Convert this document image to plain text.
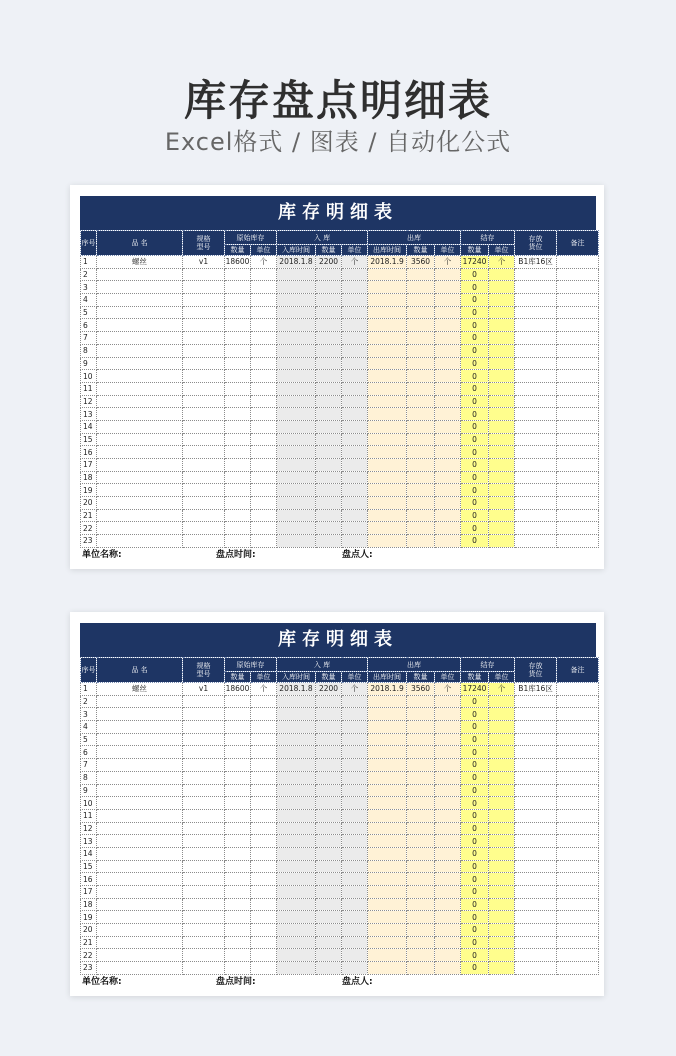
库存盘点明细表
Excel格式 / 图表 / 自动化公式
库存明细表
序号	品 名	规格
型号	原始库存		入 库			出库			结存		存放
货位	备注
			数量	单位	入库时间	数量	单位	出库时间	数量	单位	数量	单位		
1	螺丝	v1	18600	个	2018.1.8	2200	个	2018.1.9	3560	个	17240	个	B1库16区	
2											0			
3											0			
4											0			
5											0			
6											0			
7											0			
8											0			
9											0			
10											0			
11											0			
12											0			
13											0			
14											0			
15											0			
16											0			
17											0			
18											0			
19											0			
20											0			
21											0			
22											0			
23											0			
单位名称:	盘点时间:	盘点人:
库存明细表
序号	品 名	规格
型号	原始库存		入 库			出库			结存		存放
货位	备注
			数量	单位	入库时间	数量	单位	出库时间	数量	单位	数量	单位		
1	螺丝	v1	18600	个	2018.1.8	2200	个	2018.1.9	3560	个	17240	个	B1库16区	
2											0			
3											0			
4											0			
5											0			
6											0			
7											0			
8											0			
9											0			
10											0			
11											0			
12											0			
13											0			
14											0			
15											0			
16											0			
17											0			
18											0			
19											0			
20											0			
21											0			
22											0			
23											0			
单位名称:	盘点时间:	盘点人:
